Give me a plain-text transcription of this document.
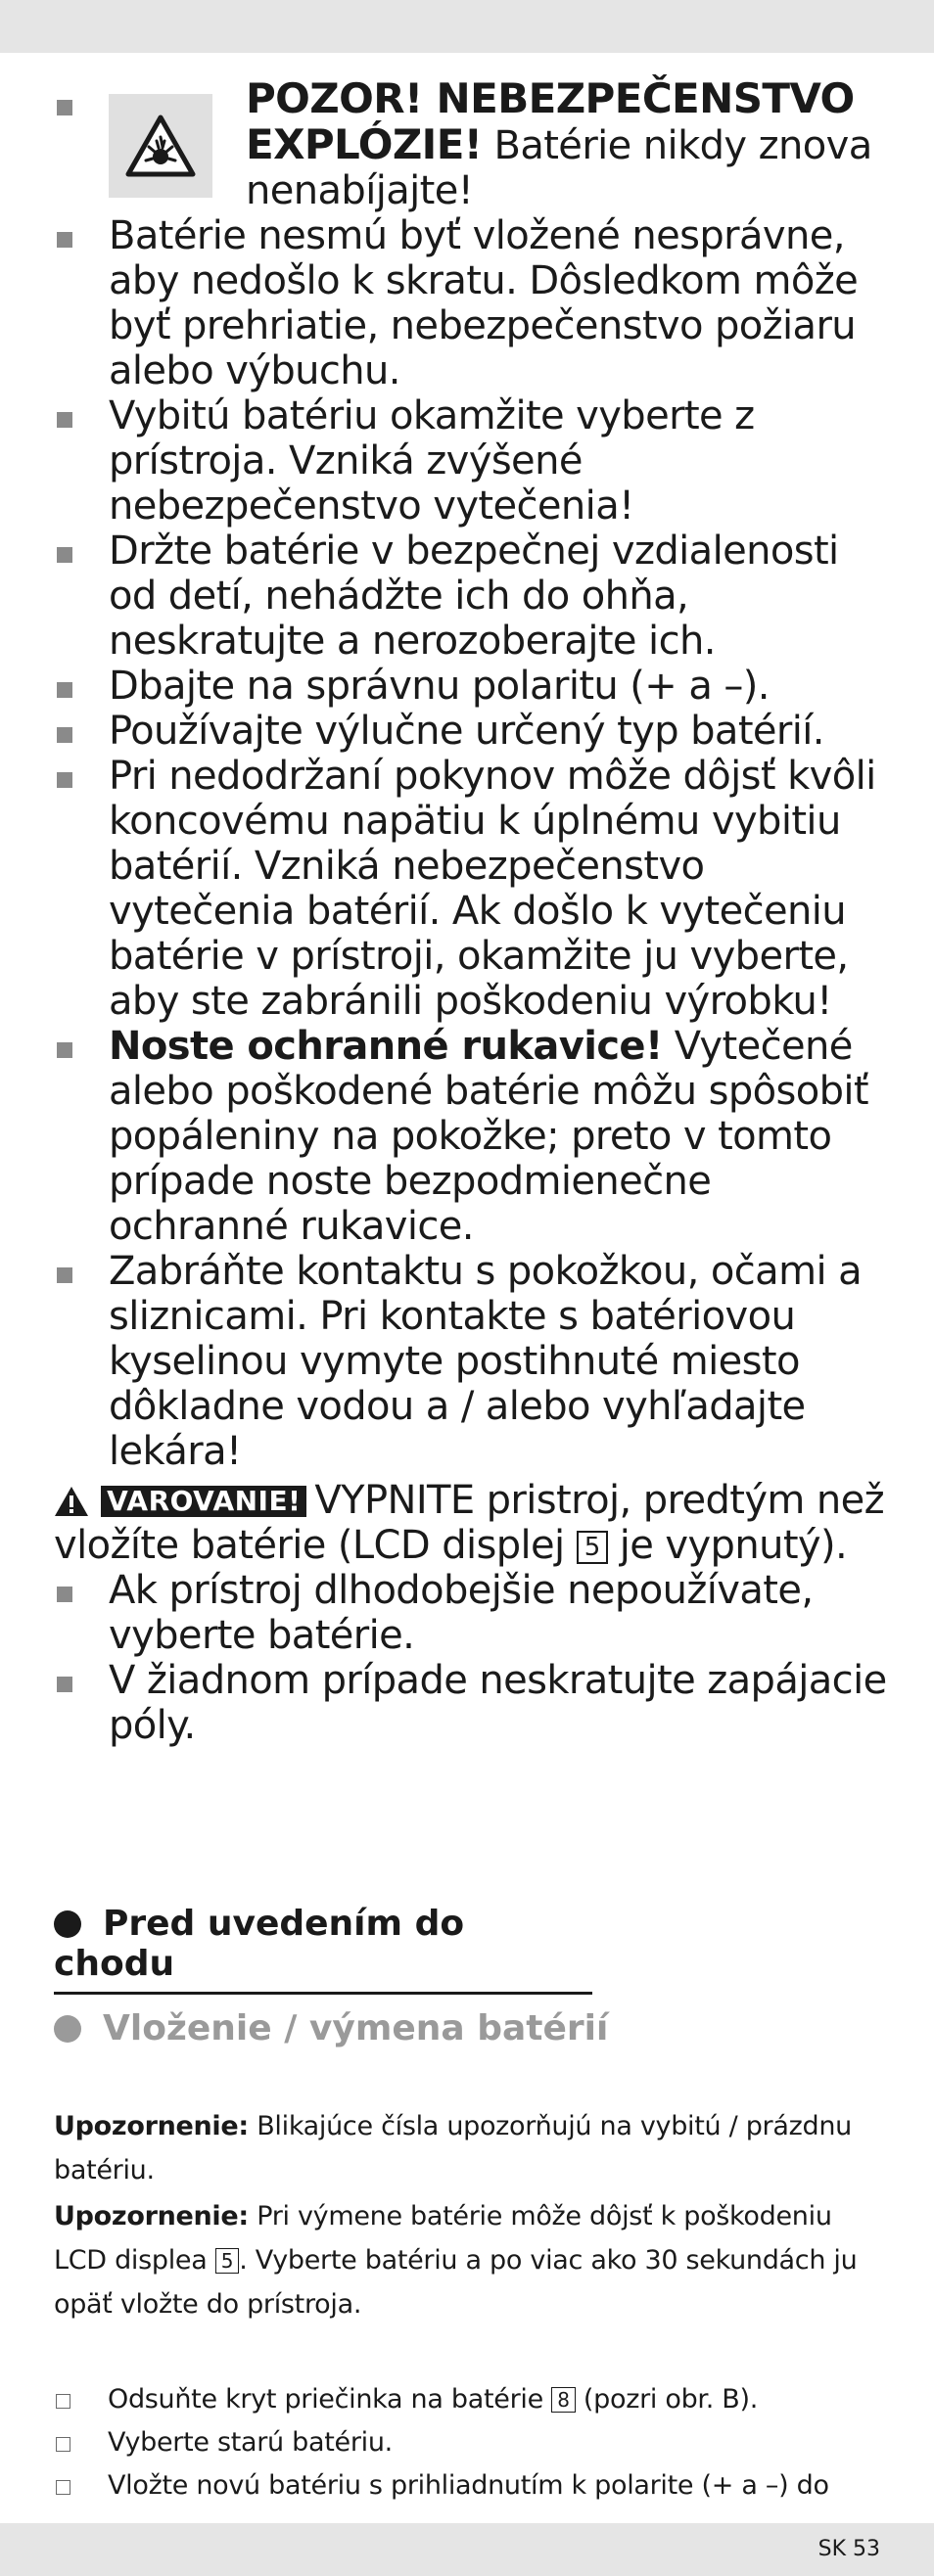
POZOR! NEBEZPEČENSTVO EXPLÓZIE! Batérie nikdy znova nenabíjajte!
Batérie nesmú byť vložené nesprávne, aby nedošlo k skratu. Dôsledkom môže byť prehriatie, nebezpečenstvo požiaru alebo výbuchu.
Vybitú batériu okamžite vyberte z prístroja. Vzniká zvýšené nebezpečenstvo vytečenia!
Držte batérie v bezpečnej vzdialenosti od detí, nehádžte ich do ohňa, neskratujte a nerozoberajte ich.
Dbajte na správnu polaritu (+ a –).
Používajte výlučne určený typ batérií.
Pri nedodržaní pokynov môže dôjsť kvôli koncovému napätiu k úplnému vybitiu batérií. Vzniká nebezpečenstvo vytečenia batérií. Ak došlo k vytečeniu batérie v prístroji, okamžite ju vyberte, aby ste zabránili poškodeniu výrobku!
Noste ochranné rukavice! Vytečené alebo poškodené batérie môžu spôsobiť popáleniny na pokožke; preto v tomto prípade noste bezpodmienečne ochranné rukavice.
Zabráňte kontaktu s pokožkou, očami a sliznicami. Pri kontakte s batériovou kyselinou vymyte postihnuté miesto dôkladne vodou a / alebo vyhľadajte lekára!
VAROVANIE! VYPNITE pristroj, predtým než vložíte batérie (LCD displej 5 je vypnutý).
Ak prístroj dlhodobejšie nepoužívate, vyberte batérie.
V žiadnom prípade neskratujte zapájacie póly.
Pred uvedením do chodu
Vloženie / výmena batérií
Upozornenie: Blikajúce čísla upozorňujú na vybitú / prázdnu batériu.
Upozornenie: Pri výmene batérie môže dôjsť k poškodeniu LCD displea 5 . Vyberte batériu a po viac ako 30 sekundách ju opäť vložte do prístroja.
Odsuňte kryt priečinka na batérie 8 (pozri obr. B).
Vyberte starú batériu.
Vložte novú batériu s prihliadnutím k polarite (+ a –) do
SK 53
